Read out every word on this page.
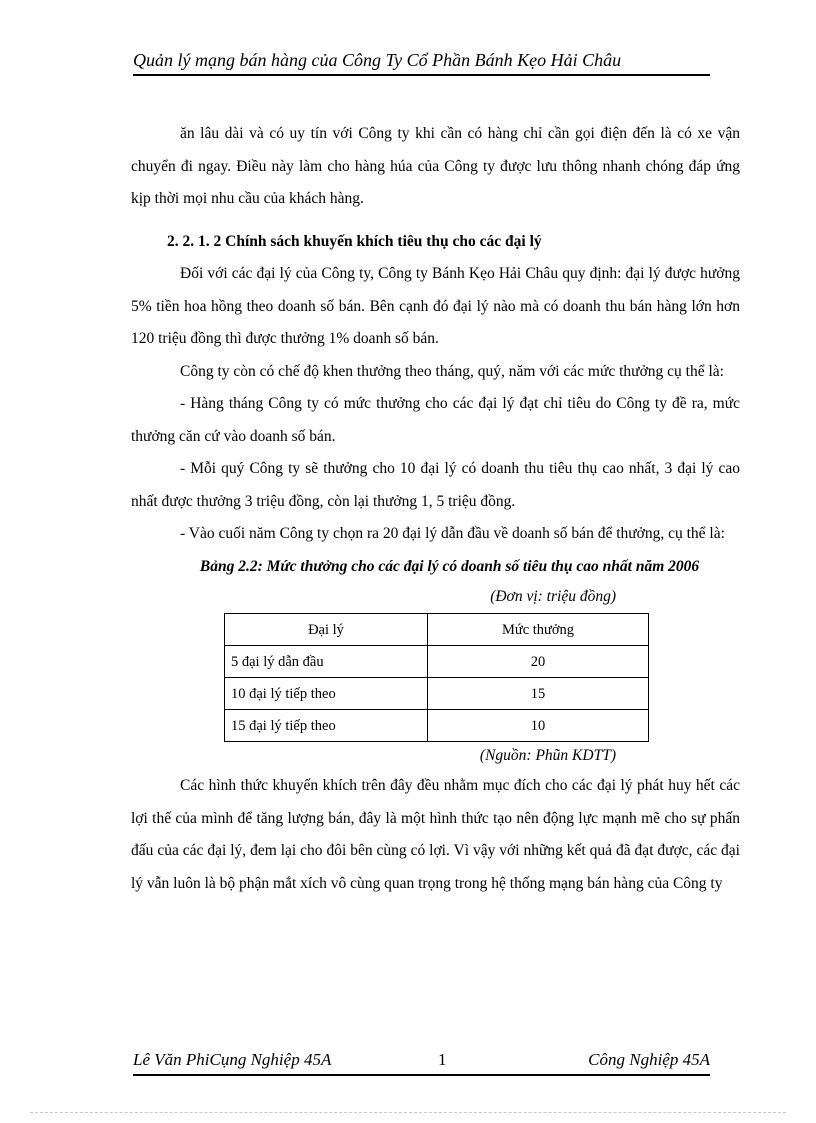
Quản lý mạng bán hàng của Công Ty Cổ Phần Bánh Kẹo Hải Châu

ăn lâu dài và có uy tín với Công ty khi cần có hàng chỉ cần gọi điện đến là có xe vận chuyển đi ngay. Điều này làm cho hàng húa của Công ty được lưu thông nhanh chóng đáp ứng kịp thời mọi nhu cầu của khách hàng.

2. 2. 1. 2 Chính sách khuyến khích tiêu thụ cho các đại lý

Đối với các đại lý của Công ty, Công ty Bánh Kẹo Hải Châu quy định: đại lý được hưởng 5% tiền hoa hồng theo doanh số bán. Bên cạnh đó đại lý nào mà có doanh thu bán hàng lớn hơn 120 triệu đồng thì được thưởng 1% doanh số bán.

Công ty còn có chế độ khen thưởng theo tháng, quý, năm với các mức thưởng cụ thể là:

- Hàng tháng Công ty có mức thưởng cho các đại lý đạt chỉ tiêu do Công ty đề ra, mức thưởng căn cứ vào doanh số bán.

- Mỗi quý Công ty sẽ thưởng cho 10 đại lý có doanh thu tiêu thụ cao nhất, 3 đại lý cao nhất được thưởng 3 triệu đồng, còn lại thưởng 1, 5 triệu đồng.

- Vào cuối năm Công ty chọn ra 20 đại lý dẫn đầu về doanh số bán để thưởng, cụ thể là:

Bảng 2.2: Mức thưởng cho các đại lý có doanh số tiêu thụ cao nhất năm 2006

(Đơn vị: triệu đồng)

Đại lý	Mức thưởng
5 đại lý dẫn đầu	20
10 đại lý tiếp theo	15
15 đại lý tiếp theo	10

(Nguồn: Phũn KDTT)

Các hình thức khuyến khích trên đây đều nhằm mục đích cho các đại lý phát huy hết các lợi thế của mình để tăng lượng bán, đây là một hình thức tạo nên động lực mạnh mẽ cho sự phấn đấu của các đại lý, đem lại cho đôi bên cùng có lợi. Vì vậy với những kết quả đã đạt được, các đại lý vẫn luôn là bộ phận mắt xích vô cùng quan trọng trong hệ thống mạng bán hàng của Công ty

Lê Văn PhiCụng Nghiệp 45A	1	Công Nghiệp 45A
